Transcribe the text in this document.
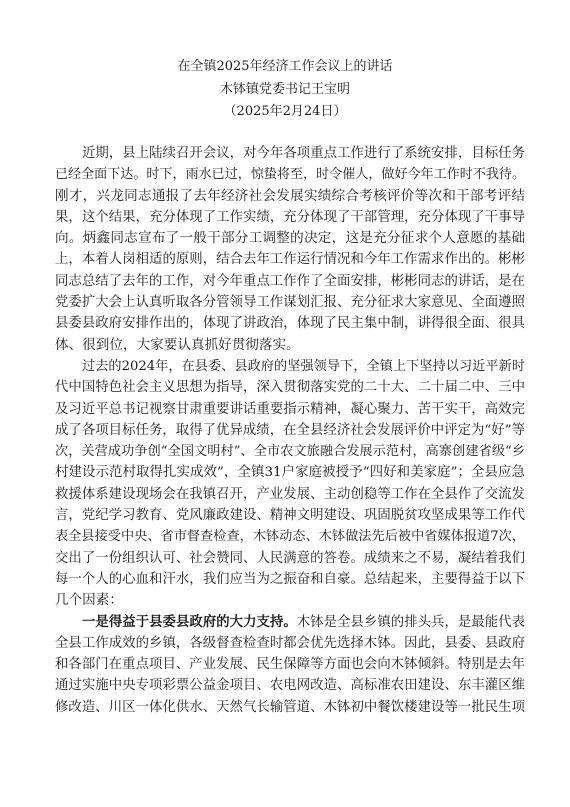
在全镇2025年经济工作会议上的讲话
木钵镇党委书记王宝明
（2025年2月24日）
近期，县上陆续召开会议，对今年各项重点工作进行了系统安排，目标任务
已经全面下达。时下，雨水已过，惊蛰将至，时令催人，做好今年工作时不我待。
刚才，兴龙同志通报了去年经济社会发展实绩综合考核评价等次和干部考评结
果，这个结果，充分体现了工作实绩，充分体现了干部管理，充分体现了干事导
向。炳鑫同志宣布了一般干部分工调整的决定，这是充分征求个人意愿的基础
上，本着人岗相适的原则，结合去年工作运行情况和今年工作需求作出的。彬彬
同志总结了去年的工作，对今年重点工作作了全面安排，彬彬同志的讲话，是在
党委扩大会上认真听取各分管领导工作谋划汇报、充分征求大家意见、全面遵照
县委县政府安排作出的，体现了讲政治，体现了民主集中制，讲得很全面、很具
体、很到位，大家要认真抓好贯彻落实。
过去的2024年，在县委、县政府的坚强领导下，全镇上下坚持以习近平新时
代中国特色社会主义思想为指导，深入贯彻落实党的二十大、二十届二中、三中
及习近平总书记视察甘肃重要讲话重要指示精神，凝心聚力、苦干实干，高效完
成了各项目标任务，取得了优异成绩，在全县经济社会发展评价中评定为“好”等
次，关营成功争创“全国文明村”、全市农文旅融合发展示范村，高寨创建省级“乡
村建设示范村取得扎实成效”，全镇31户家庭被授予“四好和美家庭”；全县应急
救援体系建设现场会在我镇召开，产业发展、主动创稳等工作在全县作了交流发
言，党纪学习教育、党风廉政建设、精神文明建设、巩固脱贫攻坚成果等工作代
表全县接受中央、省市督查检查，木钵动态、木钵做法先后被中省媒体报道7次，
交出了一份组织认可、社会赞同、人民满意的答卷。成绩来之不易，凝结着我们
每一个人的心血和汗水，我们应当为之振奋和自豪。总结起来，主要得益于以下
几个因素：
一是得益于县委县政府的大力支持。木钵是全县乡镇的排头兵，是最能代表
全县工作成效的乡镇，各级督查检查时都会优先选择木钵。因此，县委、县政府
和各部门在重点项目、产业发展、民生保障等方面也会向木钵倾斜。特别是去年
通过实施中央专项彩票公益金项目、农电网改造、高标准农田建设、东丰灌区维
修改造、川区一体化供水、天然气长输管道、木钵初中餐饮楼建设等一批民生项
